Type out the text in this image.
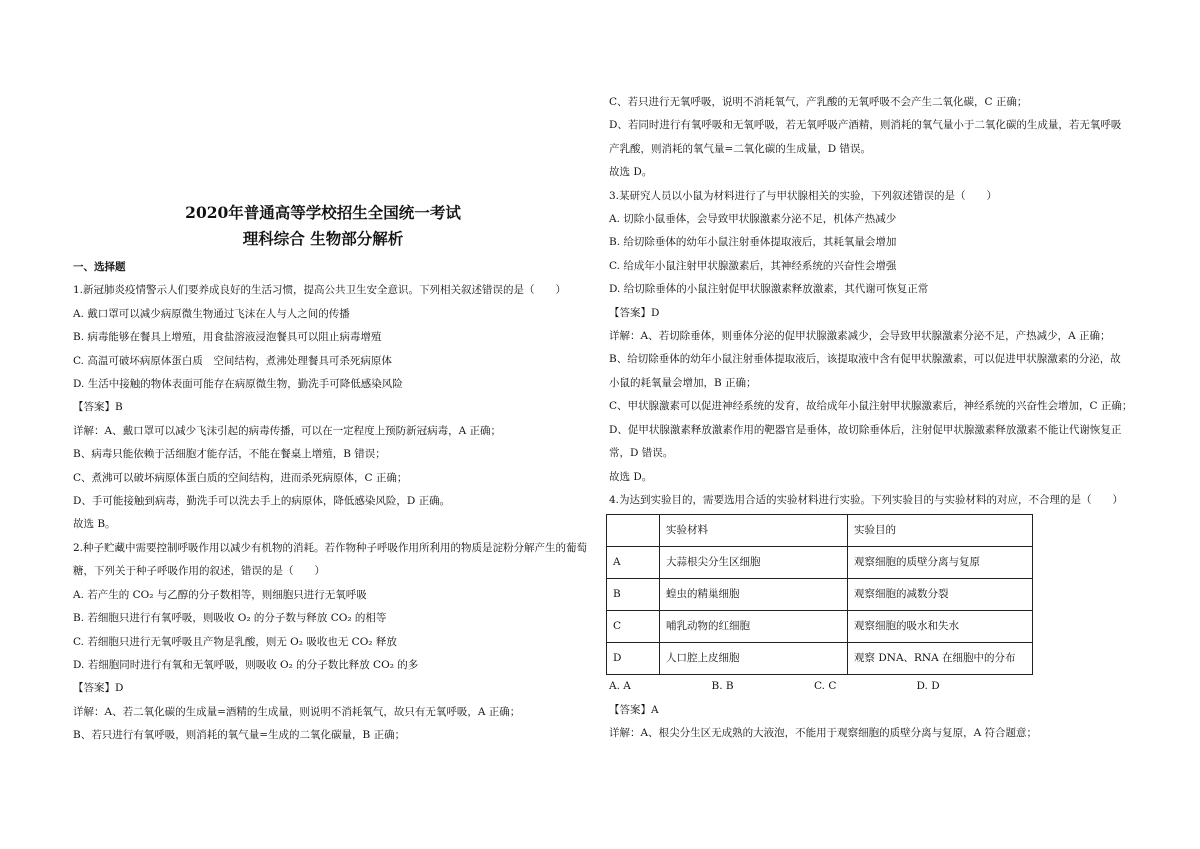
2020年普通高等学校招生全国统一考试

理科综合 生物部分解析

一、选择题

1.新冠肺炎疫情警示人们要养成良好的生活习惯，提高公共卫生安全意识。下列相关叙述错误的是（　　）

A. 戴口罩可以减少病原微生物通过飞沫在人与人之间的传播

B. 病毒能够在餐具上增殖，用食盐溶液浸泡餐具可以阻止病毒增殖

C. 高温可破坏病原体蛋白质　空间结构，煮沸处理餐具可杀死病原体

D. 生活中接触的物体表面可能存在病原微生物，勤洗手可降低感染风险

【答案】B

详解：A、戴口罩可以减少飞沫引起的病毒传播，可以在一定程度上预防新冠病毒，A 正确；

B、病毒只能依赖于活细胞才能存活，不能在餐桌上增殖，B 错误；

C、煮沸可以破坏病原体蛋白质的空间结构，进而杀死病原体，C 正确；

D、手可能接触到病毒，勤洗手可以洗去手上的病原体，降低感染风险，D 正确。

故选 B。

2.种子贮藏中需要控制呼吸作用以减少有机物的消耗。若作物种子呼吸作用所利用的物质是淀粉分解产生的葡萄

糖，下列关于种子呼吸作用的叙述，错误的是（　　）

A. 若产生的 CO₂ 与乙醇的分子数相等，则细胞只进行无氧呼吸

B. 若细胞只进行有氧呼吸，则吸收 O₂ 的分子数与释放 CO₂ 的相等

C. 若细胞只进行无氧呼吸且产物是乳酸，则无 O₂ 吸收也无 CO₂ 释放

D. 若细胞同时进行有氧和无氧呼吸，则吸收 O₂ 的分子数比释放 CO₂ 的多

【答案】D

详解：A、若二氧化碳的生成量=酒精的生成量，则说明不消耗氧气，故只有无氧呼吸，A 正确；

B、若只进行有氧呼吸，则消耗的氧气量=生成的二氧化碳量，B 正确；

C、若只进行无氧呼吸，说明不消耗氧气，产乳酸的无氧呼吸不会产生二氧化碳，C 正确；

D、若同时进行有氧呼吸和无氧呼吸，若无氧呼吸产酒精，则消耗的氧气量小于二氧化碳的生成量，若无氧呼吸

产乳酸，则消耗的氧气量=二氧化碳的生成量，D 错误。

故选 D。

3.某研究人员以小鼠为材料进行了与甲状腺相关的实验，下列叙述错误的是（　　）

A. 切除小鼠垂体，会导致甲状腺激素分泌不足，机体产热减少

B. 给切除垂体的幼年小鼠注射垂体提取液后，其耗氧量会增加

C. 给成年小鼠注射甲状腺激素后，其神经系统的兴奋性会增强

D. 给切除垂体的小鼠注射促甲状腺激素释放激素，其代谢可恢复正常

【答案】D

详解：A、若切除垂体，则垂体分泌的促甲状腺激素减少，会导致甲状腺激素分泌不足，产热减少，A 正确；

B、给切除垂体的幼年小鼠注射垂体提取液后，该提取液中含有促甲状腺激素，可以促进甲状腺激素的分泌，故

小鼠的耗氧量会增加，B 正确；

C、甲状腺激素可以促进神经系统的发育，故给成年小鼠注射甲状腺激素后，神经系统的兴奋性会增加，C 正确；

D、促甲状腺激素释放激素作用的靶器官是垂体，故切除垂体后，注射促甲状腺激素释放激素不能让代谢恢复正

常，D 错误。

故选 D。

4.为达到实验目的，需要选用合适的实验材料进行实验。下列实验目的与实验材料的对应，不合理的是（　　）

	实验材料	实验目的
A	大蒜根尖分生区细胞	观察细胞的质壁分离与复原
B	蝗虫的精巢细胞	观察细胞的减数分裂
C	哺乳动物的红细胞	观察细胞的吸水和失水
D	人口腔上皮细胞	观察 DNA、RNA 在细胞中的分布
A. A	B. B	C. C	D. D

【答案】A

详解：A、根尖分生区无成熟的大液泡，不能用于观察细胞的质壁分离与复原，A 符合题意；
